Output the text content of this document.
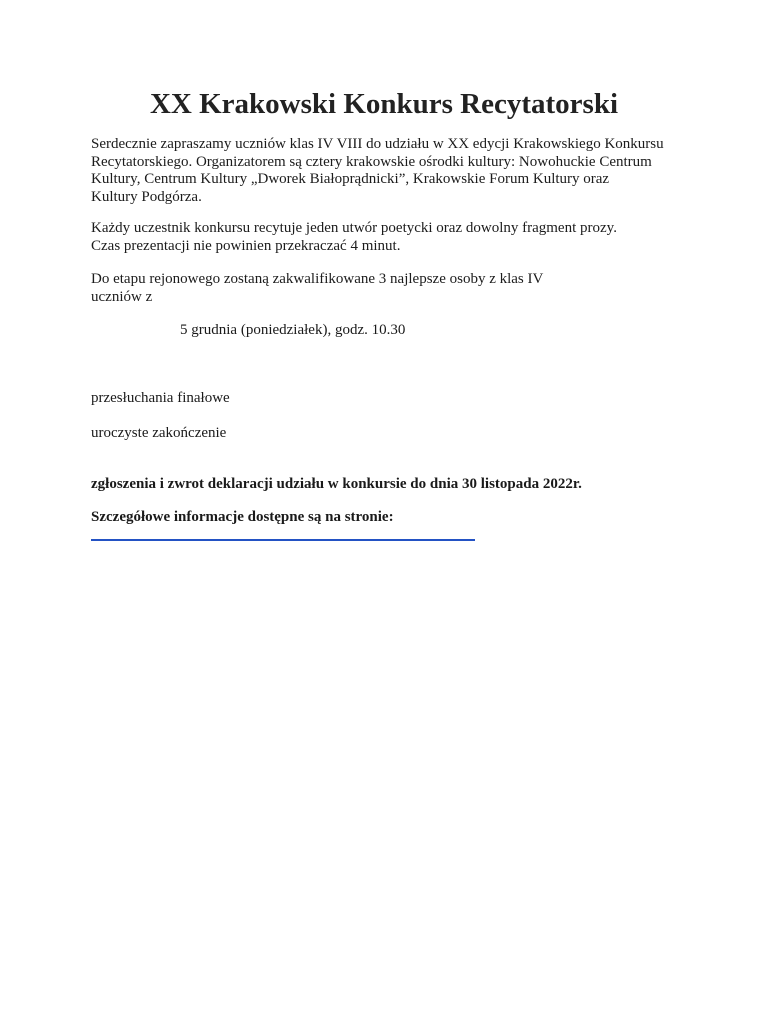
XX Krakowski Konkurs Recytatorski

Serdecznie zapraszamy uczniów klas IV VIII do udziału w XX edycji Krakowskiego Konkursu
Recytatorskiego. Organizatorem są cztery krakowskie ośrodki kultury: Nowohuckie Centrum
Kultury, Centrum Kultury „Dworek Białoprądnicki”, Krakowskie Forum Kultury oraz
Kultury Podgórza.

Każdy uczestnik konkursu recytuje jeden utwór poetycki oraz dowolny fragment prozy.
Czas prezentacji nie powinien przekraczać 4 minut.

Do etapu rejonowego zostaną zakwalifikowane 3 najlepsze osoby z klas IV
uczniów z

5 grudnia (poniedziałek), godz. 10.30
przesłuchania finałowe
uroczyste zakończenie
zgłoszenia i zwrot deklaracji udziału w konkursie do dnia 30 listopada 2022r.
Szczegółowe informacje dostępne są na stronie:
